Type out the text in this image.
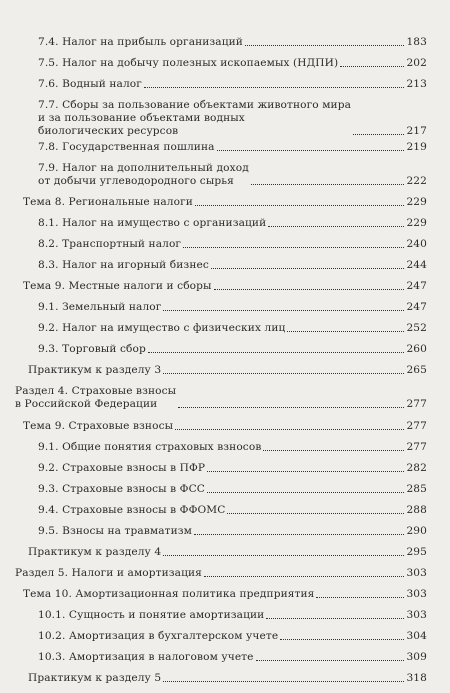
7.4. Налог на прибыль организаций	183
7.5. Налог на добычу полезных ископаемых (НДПИ)	202
7.6. Водный налог	213
7.7. Сборы за пользование объектами животного мира
и за пользование объектами водных
биологических ресурсов	217
7.8. Государственная пошлина	219
7.9. Налог на дополнительный доход
от добычи углеводородного сырья	222
Тема 8. Региональные налоги	229
8.1. Налог на имущество с организаций	229
8.2. Транспортный налог	240
8.3. Налог на игорный бизнес	244
Тема 9. Местные налоги и сборы	247
9.1. Земельный налог	247
9.2. Налог на имущество с физических лиц	252
9.3. Торговый сбор	260
Практикум к разделу 3	265
Раздел 4. Страховые взносы
в Российской Федерации	277
Тема 9. Страховые взносы	277
9.1. Общие понятия страховых взносов	277
9.2. Страховые взносы в ПФР	282
9.3. Страховые взносы в ФСС	285
9.4. Страховые взносы в ФФОМС	288
9.5. Взносы на травматизм	290
Практикум к разделу 4	295
Раздел 5. Налоги и амортизация	303
Тема 10. Амортизационная политика предприятия	303
10.1. Сущность и понятие амортизации	303
10.2. Амортизация в бухгалтерском учете	304
10.3. Амортизация в налоговом учете	309
Практикум к разделу 5	318
